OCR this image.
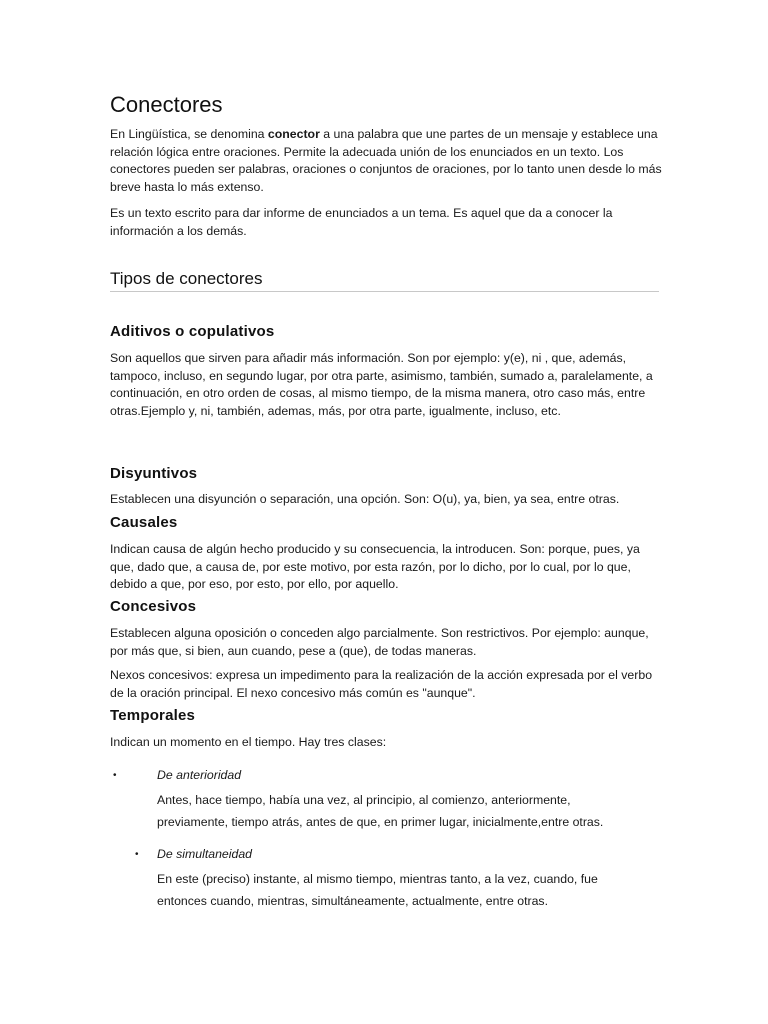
Conectores

En Lingüística, se denomina conector a una palabra que une partes de un mensaje y establece una relación lógica entre oraciones. Permite la adecuada unión de los enunciados en un texto. Los conectores pueden ser palabras, oraciones o conjuntos de oraciones, por lo tanto unen desde lo más breve hasta lo más extenso.

Es un texto escrito para dar informe de enunciados a un tema. Es aquel que da a conocer la información a los demás.

Tipos de conectores
Aditivos o copulativos

Son aquellos que sirven para añadir más información. Son por ejemplo: y(e), ni , que, además, tampoco, incluso, en segundo lugar, por otra parte, asimismo, también, sumado a, paralelamente, a continuación, en otro orden de cosas, al mismo tiempo, de la misma manera, otro caso más, entre otras.Ejemplo y, ni, también, ademas, más, por otra parte, igualmente, incluso, etc.

Disyuntivos

Establecen una disyunción o separación, una opción. Son: O(u), ya, bien, ya sea, entre otras.

Causales

Indican causa de algún hecho producido y su consecuencia, la introducen. Son: porque, pues, ya que, dado que, a causa de, por este motivo, por esta razón, por lo dicho, por lo cual, por lo que, debido a que, por eso, por esto, por ello, por aquello.

Concesivos

Establecen alguna oposición o conceden algo parcialmente. Son restrictivos. Por ejemplo: aunque, por más que, si bien, aun cuando, pese a (que), de todas maneras.

Nexos concesivos: expresa un impedimento para la realización de la acción expresada por el verbo de la oración principal. El nexo concesivo más común es "aunque".

Temporales

Indican un momento en el tiempo. Hay tres clases:

•	De anterioridad

Antes, hace tiempo, había una vez, al principio, al comienzo, anteriormente, previamente, tiempo atrás, antes de que, en primer lugar, inicialmente,entre otras.

• De simultaneidad

En este (preciso) instante, al mismo tiempo, mientras tanto, a la vez, cuando, fue entonces cuando, mientras, simultáneamente, actualmente, entre otras.
